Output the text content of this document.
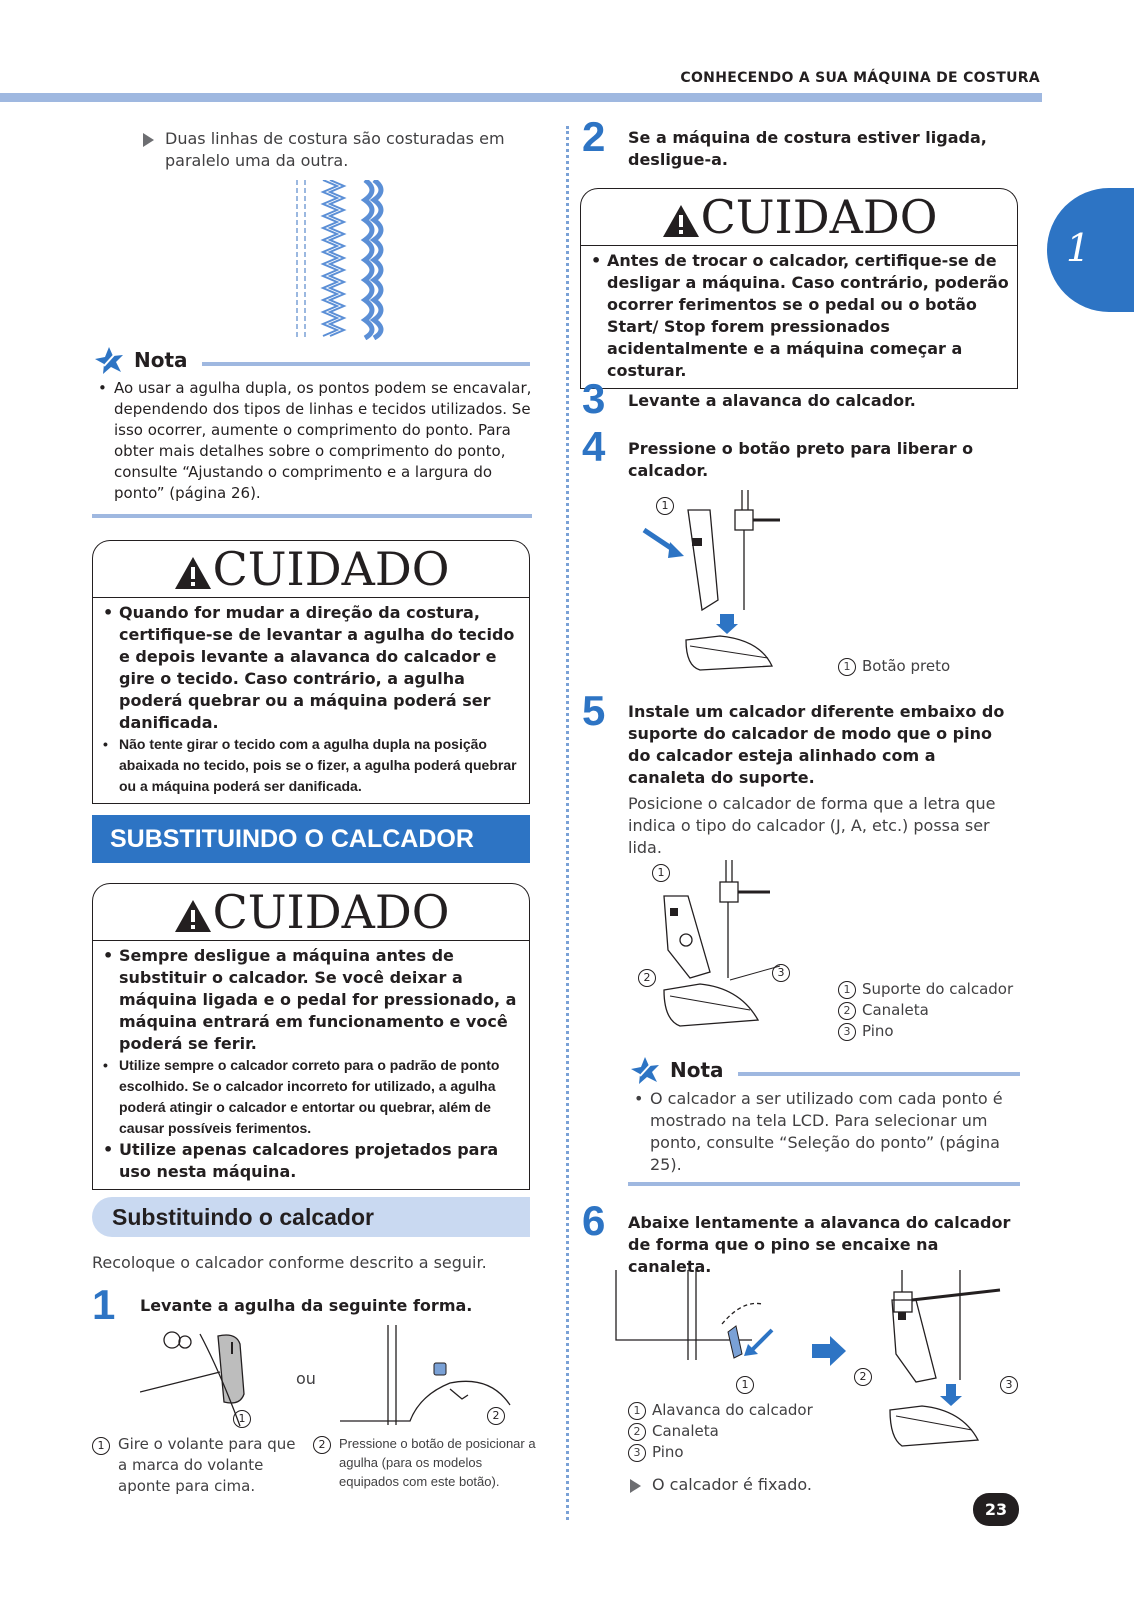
CONHECENDO A SUA MÁQUINA DE COSTURA
1
Duas linhas de costura são costuradas em paralelo uma da outra.
Nota
• Ao usar a agulha dupla, os pontos podem se encavalar, dependendo dos tipos de linhas e tecidos utilizados. Se isso ocorrer, aumente o comprimento do ponto. Para obter mais detalhes sobre o comprimento do ponto, consulte “Ajustando o comprimento e a largura do ponto” (página 26).
CUIDADO
• Quando for mudar a direção da costura, certifique-se de levantar a agulha do tecido e depois levante a alavanca do calcador e gire o tecido. Caso contrário, a agulha poderá quebrar ou a máquina poderá ser danificada.
• Não tente girar o tecido com a agulha dupla na posição abaixada no tecido, pois se o fizer, a agulha poderá quebrar ou a máquina poderá ser danificada.
SUBSTITUINDO O CALCADOR
CUIDADO
• Sempre desligue a máquina antes de substituir o calcador. Se você deixar a máquina ligada e o pedal for pressionado, a máquina entrará em funcionamento e você poderá se ferir.
• Utilize sempre o calcador correto para o padrão de ponto escolhido. Se o calcador incorreto for utilizado, a agulha poderá atingir o calcador e entortar ou quebrar, além de causar possíveis ferimentos.
• Utilize apenas calcadores projetados para uso nesta máquina.
Substituindo o calcador
Recoloque o calcador conforme descrito a seguir.
1 Levante a agulha da seguinte forma.
1
ou
2
1 Gire o volante para que a marca do volante aponte para cima.
2	Pressione o botão de posicionar a agulha (para os modelos equipados com este botão).
2 Se a máquina de costura estiver ligada, desligue-a.
CUIDADO
• Antes de trocar o calcador, certifique-se de desligar a máquina. Caso contrário, poderão ocorrer ferimentos se o pedal ou o botão Start/ Stop forem pressionados acidentalmente e a máquina começar a costurar.
3 Levante a alavanca do calcador.
4 Pressione o botão preto para liberar o calcador.
1
1 Botão preto
5 Instale um calcador diferente embaixo do suporte do calcador de modo que o pino do calcador esteja alinhado com a canaleta do suporte.
Posicione o calcador de forma que a letra que indica o tipo do calcador (J, A, etc.) possa ser lida.
1
2	3
1 Suporte do calcador
2 Canaleta
3 Pino
Nota
• O calcador a ser utilizado com cada ponto é mostrado na tela LCD. Para selecionar um ponto, consulte “Seleção do ponto” (página 25).
6 Abaixe lentamente a alavanca do calcador de forma que o pino se encaixe na canaleta.
1
2
3
1 Alavanca do calcador
2 Canaleta
3 Pino
O calcador é fixado.
23
